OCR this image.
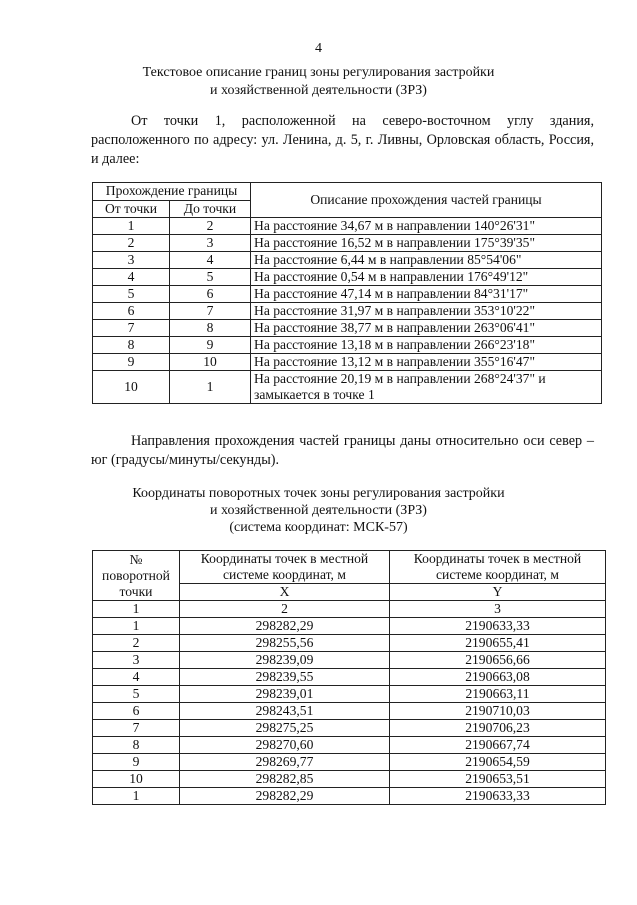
4
Текстовое описание границ зоны регулирования застройки
и хозяйственной деятельности (ЗРЗ)
От точки 1, расположенной на северо-восточном углу здания, расположенного по адресу: ул. Ленина, д. 5, г. Ливны, Орловская область, Россия, и далее:
Прохождение границы		Описание прохождения частей границы
От точки	До точки	
1	2	На расстояние 34,67 м в направлении 140°26'31"
2	3	На расстояние 16,52 м в направлении 175°39'35"
3	4	На расстояние 6,44 м в направлении 85°54'06"
4	5	На расстояние 0,54 м в направлении 176°49'12"
5	6	На расстояние 47,14 м в направлении 84°31'17"
6	7	На расстояние 31,97 м в направлении 353°10'22"
7	8	На расстояние 38,77 м в направлении 263°06'41"
8	9	На расстояние 13,18 м в направлении 266°23'18"
9	10	На расстояние 13,12 м в направлении 355°16'47"
10	1	На расстояние 20,19 м в направлении 268°24'37" и замыкается в точке 1
Направления прохождения частей границы даны относительно оси север – юг (градусы/минуты/секунды).
Координаты поворотных точек зоны регулирования застройки
и хозяйственной деятельности (ЗРЗ)
(система координат: МСК-57)
№ поворотной точки	Координаты точек в местной системе координат, м	Координаты точек в местной системе координат, м
	X	Y
1	2	3
1	298282,29	2190633,33
2	298255,56	2190655,41
3	298239,09	2190656,66
4	298239,55	2190663,08
5	298239,01	2190663,11
6	298243,51	2190710,03
7	298275,25	2190706,23
8	298270,60	2190667,74
9	298269,77	2190654,59
10	298282,85	2190653,51
1	298282,29	2190633,33
